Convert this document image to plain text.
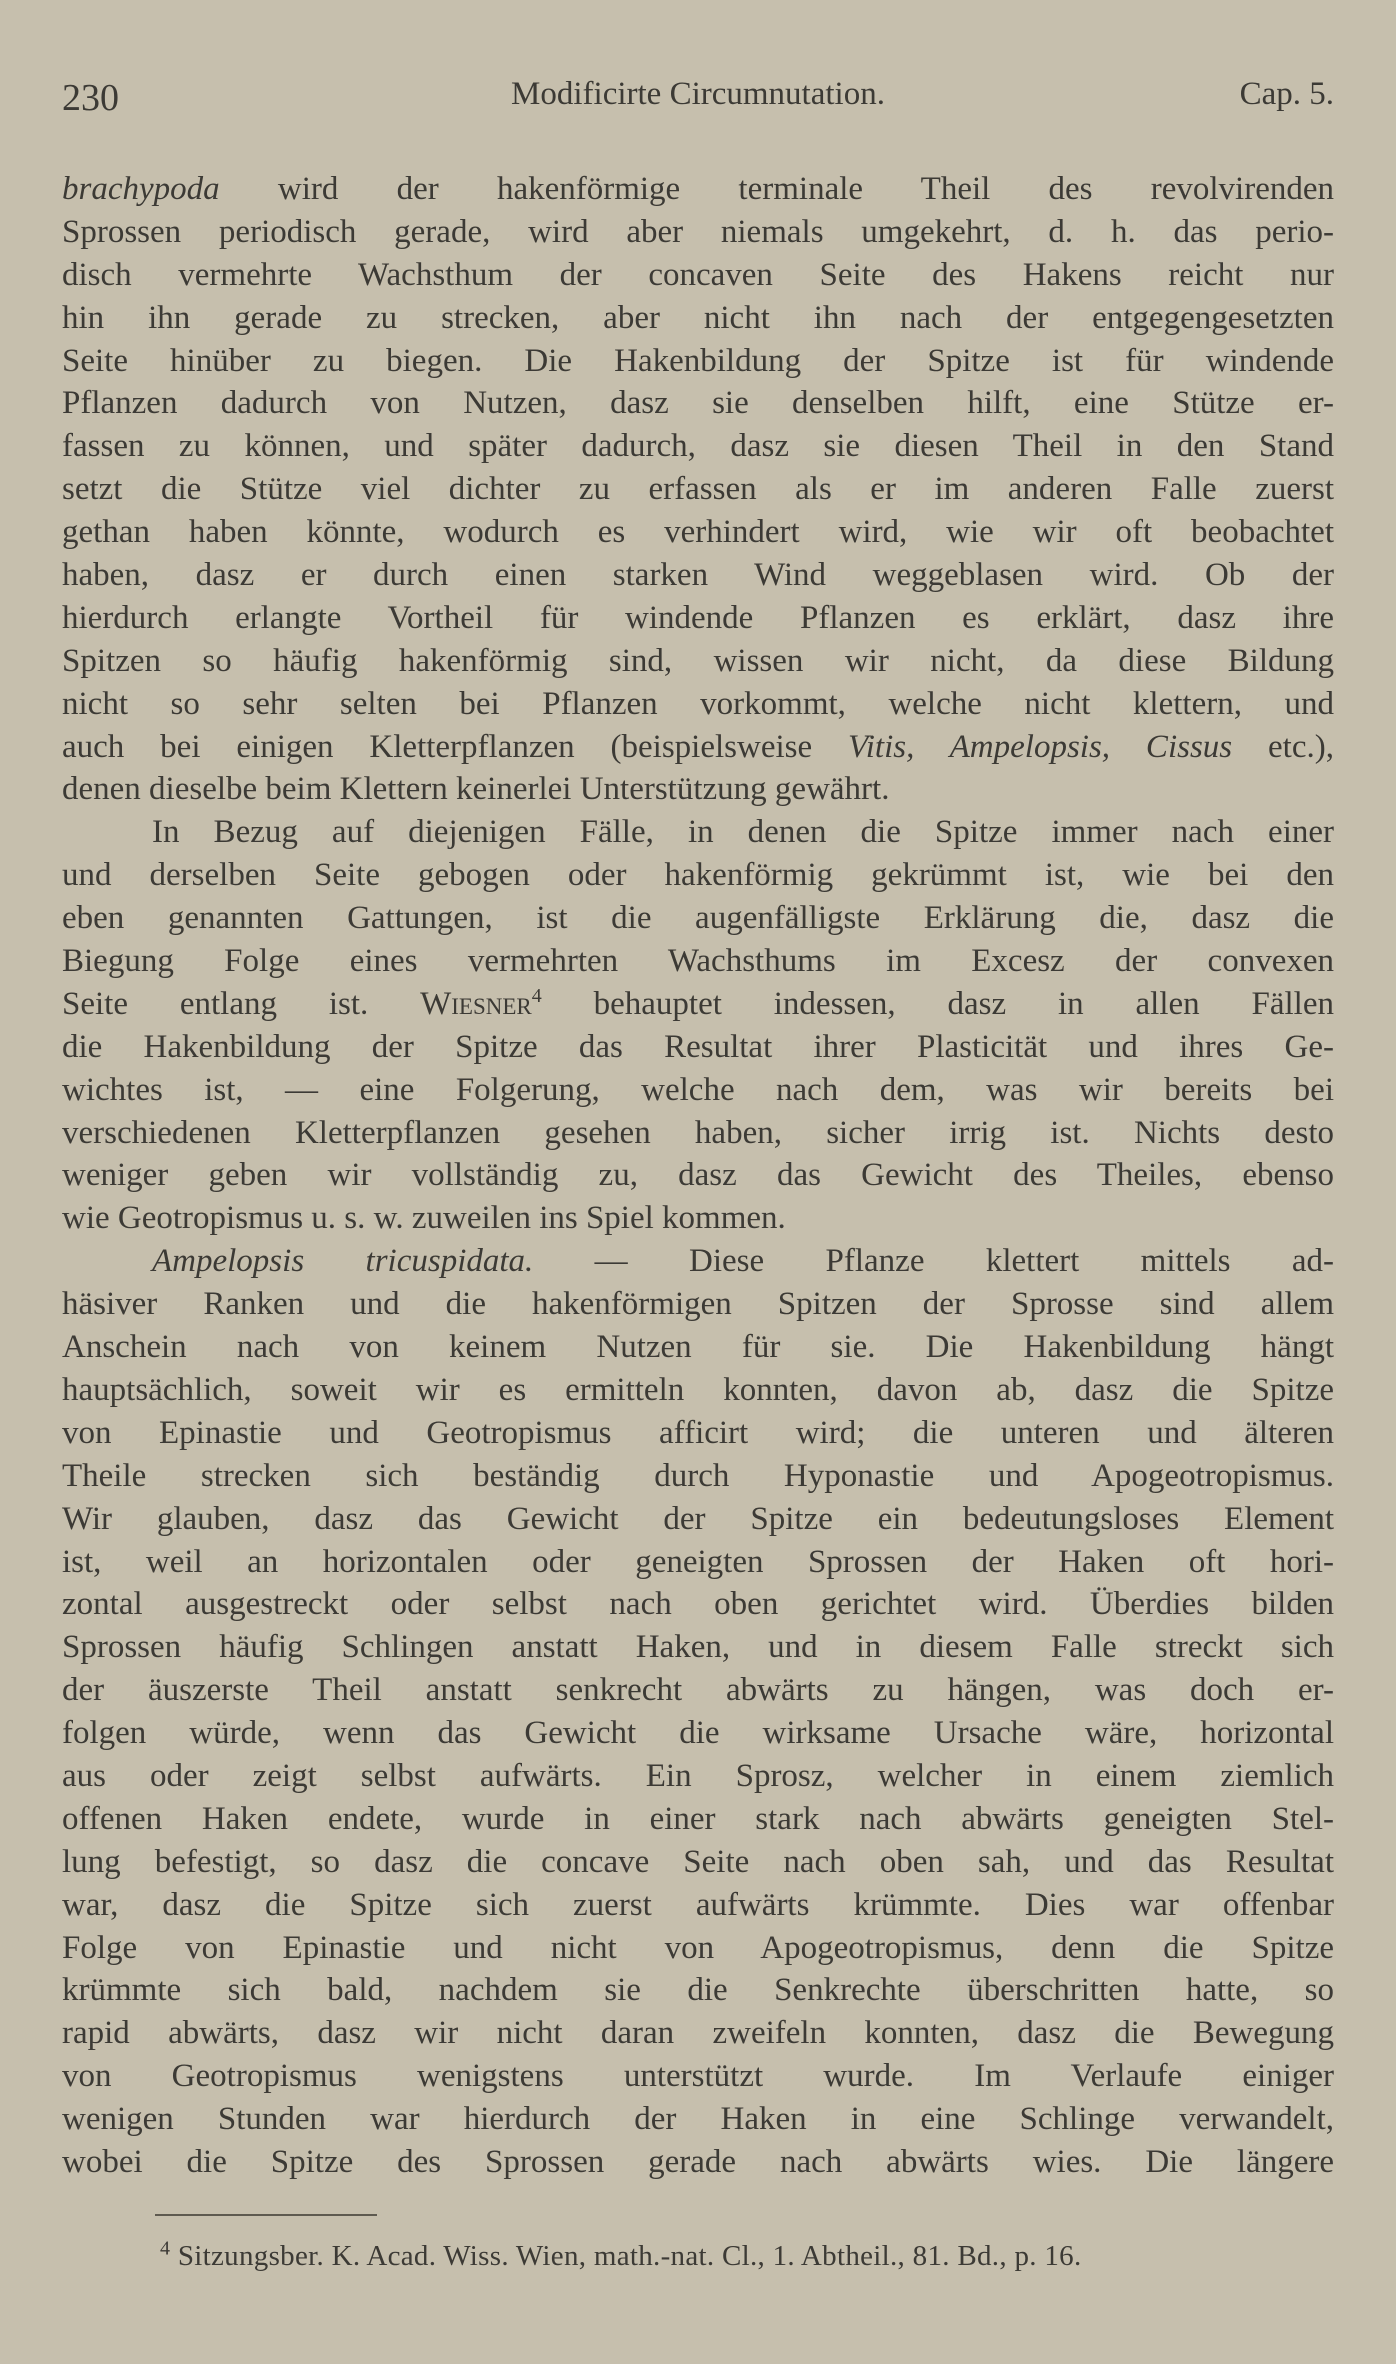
230	Modificirte Circumnutation.	Cap. 5.
brachypoda wird der hakenförmige terminale Theil des revolvirenden
Sprossen periodisch gerade, wird aber niemals umgekehrt, d. h. das perio-
disch vermehrte Wachsthum der concaven Seite des Hakens reicht nur
hin ihn gerade zu strecken, aber nicht ihn nach der entgegengesetzten
Seite hinüber zu biegen. Die Hakenbildung der Spitze ist für windende
Pflanzen dadurch von Nutzen, dasz sie denselben hilft, eine Stütze er-
fassen zu können, und später dadurch, dasz sie diesen Theil in den Stand
setzt die Stütze viel dichter zu erfassen als er im anderen Falle zuerst
gethan haben könnte, wodurch es verhindert wird, wie wir oft beobachtet
haben, dasz er durch einen starken Wind weggeblasen wird. Ob der
hierdurch erlangte Vortheil für windende Pflanzen es erklärt, dasz ihre
Spitzen so häufig hakenförmig sind, wissen wir nicht, da diese Bildung
nicht so sehr selten bei Pflanzen vorkommt, welche nicht klettern, und
auch bei einigen Kletterpflanzen (beispielsweise Vitis, Ampelopsis, Cissus etc.),
denen dieselbe beim Klettern keinerlei Unterstützung gewährt.
In Bezug auf diejenigen Fälle, in denen die Spitze immer nach einer
und derselben Seite gebogen oder hakenförmig gekrümmt ist, wie bei den
eben genannten Gattungen, ist die augenfälligste Erklärung die, dasz die
Biegung Folge eines vermehrten Wachsthums im Excesz der convexen
Seite entlang ist. Wiesner$^4$ behauptet indessen, dasz in allen Fällen
die Hakenbildung der Spitze das Resultat ihrer Plasticität und ihres Ge-
wichtes ist, — eine Folgerung, welche nach dem, was wir bereits bei
verschiedenen Kletterpflanzen gesehen haben, sicher irrig ist. Nichts desto
weniger geben wir vollständig zu, dasz das Gewicht des Theiles, ebenso
wie Geotropismus u. s. w. zuweilen ins Spiel kommen.
Ampelopsis tricuspidata. — Diese Pflanze klettert mittels ad-
häsiver Ranken und die hakenförmigen Spitzen der Sprosse sind allem
Anschein nach von keinem Nutzen für sie. Die Hakenbildung hängt
hauptsächlich, soweit wir es ermitteln konnten, davon ab, dasz die Spitze
von Epinastie und Geotropismus afficirt wird; die unteren und älteren
Theile strecken sich beständig durch Hyponastie und Apogeotropismus.
Wir glauben, dasz das Gewicht der Spitze ein bedeutungsloses Element
ist, weil an horizontalen oder geneigten Sprossen der Haken oft hori-
zontal ausgestreckt oder selbst nach oben gerichtet wird. Überdies bilden
Sprossen häufig Schlingen anstatt Haken, und in diesem Falle streckt sich
der äuszerste Theil anstatt senkrecht abwärts zu hängen, was doch er-
folgen würde, wenn das Gewicht die wirksame Ursache wäre, horizontal
aus oder zeigt selbst aufwärts. Ein Sprosz, welcher in einem ziemlich
offenen Haken endete, wurde in einer stark nach abwärts geneigten Stel-
lung befestigt, so dasz die concave Seite nach oben sah, und das Resultat
war, dasz die Spitze sich zuerst aufwärts krümmte. Dies war offenbar
Folge von Epinastie und nicht von Apogeotropismus, denn die Spitze
krümmte sich bald, nachdem sie die Senkrechte überschritten hatte, so
rapid abwärts, dasz wir nicht daran zweifeln konnten, dasz die Bewegung
von Geotropismus wenigstens unterstützt wurde. Im Verlaufe einiger
wenigen Stunden war hierdurch der Haken in eine Schlinge verwandelt,
wobei die Spitze des Sprossen gerade nach abwärts wies. Die längere
$^4$ Sitzungsber. K. Acad. Wiss. Wien, math.-nat. Cl., 1. Abtheil., 81. Bd., p. 16.
